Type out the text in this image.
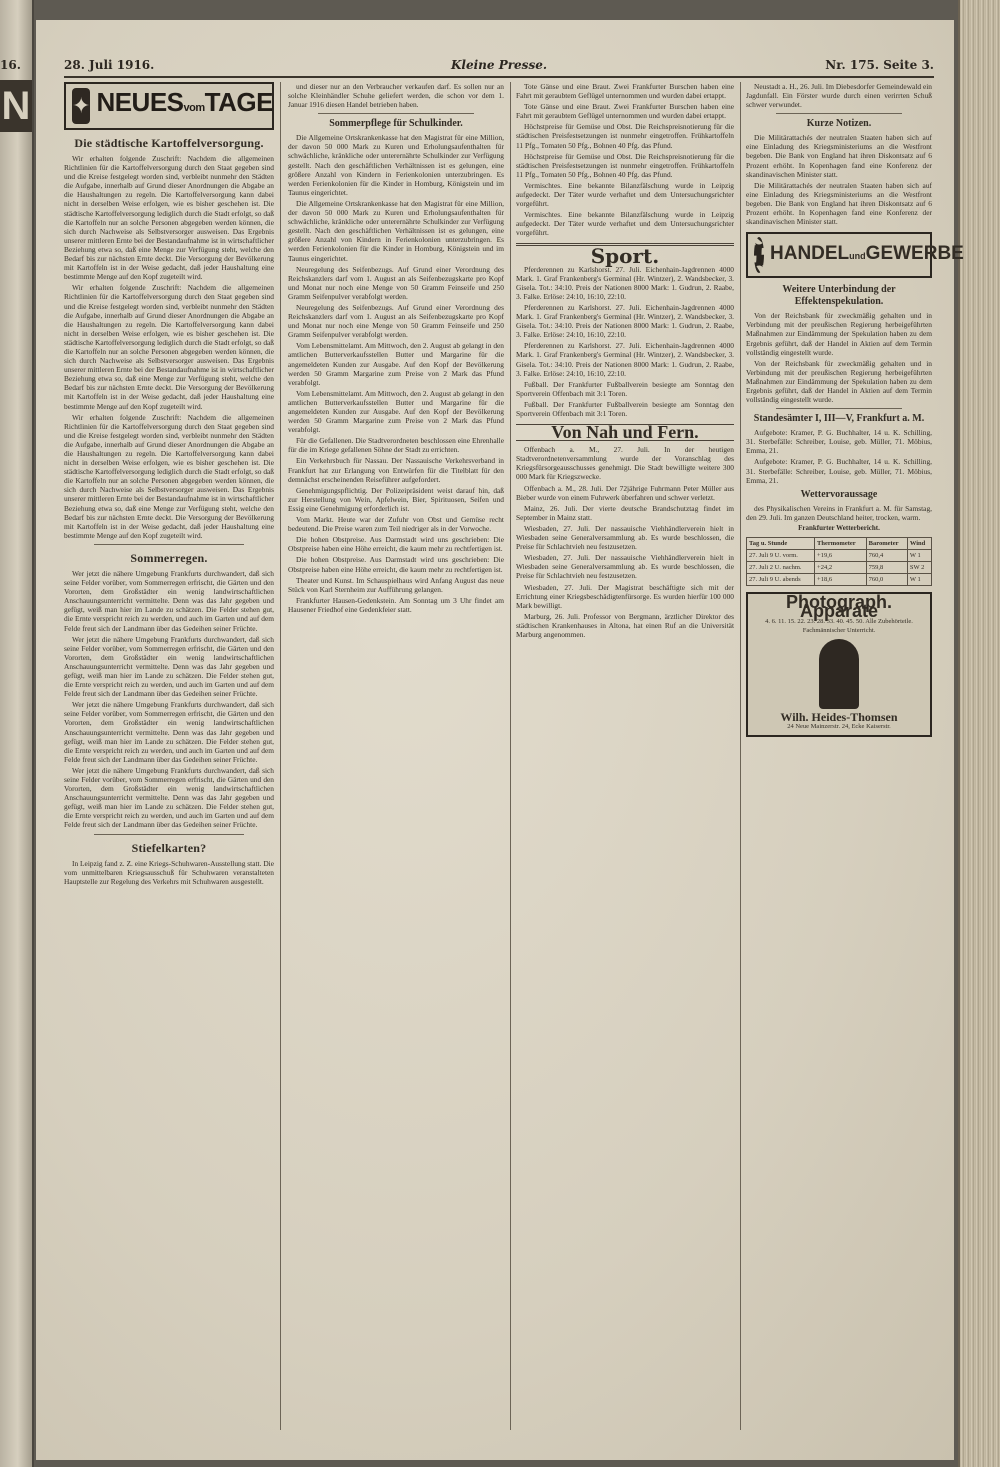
16.
N
28. Juli 1916.	Kleine Presse.	Nr. 175. Seite 3.
✦ NEUESvomTAGE
Die städtische Kartoffelversorgung.

Wir erhalten folgende Zuschrift: Nachdem die allgemeinen Richtlinien für die Kartoffelversorgung durch den Staat gegeben sind und die Kreise festgelegt worden sind, verbleibt nunmehr den Städten die Aufgabe, innerhalb auf Grund dieser Anordnungen die Abgabe an die Haushaltungen zu regeln. Die Kartoffelversorgung kann dabei nicht in derselben Weise erfolgen, wie es bisher geschehen ist. Die städtische Kartoffelversorgung lediglich durch die Stadt erfolgt, so daß die Kartoffeln nur an solche Personen abgegeben werden können, die sich durch Nachweise als Selbstversorger ausweisen. Das Ergebnis unserer mittleren Ernte bei der Bestandaufnahme ist in wirtschaftlicher Beziehung etwa so, daß eine Menge zur Verfügung steht, welche den Bedarf bis zur nächsten Ernte deckt. Die Versorgung der Bevölkerung mit Kartoffeln ist in der Weise gedacht, daß jeder Haushaltung eine bestimmte Menge auf den Kopf zugeteilt wird.

Wir erhalten folgende Zuschrift: Nachdem die allgemeinen Richtlinien für die Kartoffelversorgung durch den Staat gegeben sind und die Kreise festgelegt worden sind, verbleibt nunmehr den Städten die Aufgabe, innerhalb auf Grund dieser Anordnungen die Abgabe an die Haushaltungen zu regeln. Die Kartoffelversorgung kann dabei nicht in derselben Weise erfolgen, wie es bisher geschehen ist. Die städtische Kartoffelversorgung lediglich durch die Stadt erfolgt, so daß die Kartoffeln nur an solche Personen abgegeben werden können, die sich durch Nachweise als Selbstversorger ausweisen. Das Ergebnis unserer mittleren Ernte bei der Bestandaufnahme ist in wirtschaftlicher Beziehung etwa so, daß eine Menge zur Verfügung steht, welche den Bedarf bis zur nächsten Ernte deckt. Die Versorgung der Bevölkerung mit Kartoffeln ist in der Weise gedacht, daß jeder Haushaltung eine bestimmte Menge auf den Kopf zugeteilt wird.

Wir erhalten folgende Zuschrift: Nachdem die allgemeinen Richtlinien für die Kartoffelversorgung durch den Staat gegeben sind und die Kreise festgelegt worden sind, verbleibt nunmehr den Städten die Aufgabe, innerhalb auf Grund dieser Anordnungen die Abgabe an die Haushaltungen zu regeln. Die Kartoffelversorgung kann dabei nicht in derselben Weise erfolgen, wie es bisher geschehen ist. Die städtische Kartoffelversorgung lediglich durch die Stadt erfolgt, so daß die Kartoffeln nur an solche Personen abgegeben werden können, die sich durch Nachweise als Selbstversorger ausweisen. Das Ergebnis unserer mittleren Ernte bei der Bestandaufnahme ist in wirtschaftlicher Beziehung etwa so, daß eine Menge zur Verfügung steht, welche den Bedarf bis zur nächsten Ernte deckt. Die Versorgung der Bevölkerung mit Kartoffeln ist in der Weise gedacht, daß jeder Haushaltung eine bestimmte Menge auf den Kopf zugeteilt wird.

Sommerregen.

Wer jetzt die nähere Umgebung Frankfurts durchwandert, daß sich seine Felder vorüber, vom Sommerregen erfrischt, die Gärten und den Vororten, dem Großstädter ein wenig landwirtschaftlichen Anschauungsunterricht vermittelte. Denn was das Jahr gegeben und gefügt, weiß man hier im Lande zu schätzen. Die Felder stehen gut, die Ernte verspricht reich zu werden, und auch im Garten und auf dem Felde freut sich der Landmann über das Gedeihen seiner Früchte.

Wer jetzt die nähere Umgebung Frankfurts durchwandert, daß sich seine Felder vorüber, vom Sommerregen erfrischt, die Gärten und den Vororten, dem Großstädter ein wenig landwirtschaftlichen Anschauungsunterricht vermittelte. Denn was das Jahr gegeben und gefügt, weiß man hier im Lande zu schätzen. Die Felder stehen gut, die Ernte verspricht reich zu werden, und auch im Garten und auf dem Felde freut sich der Landmann über das Gedeihen seiner Früchte.

Wer jetzt die nähere Umgebung Frankfurts durchwandert, daß sich seine Felder vorüber, vom Sommerregen erfrischt, die Gärten und den Vororten, dem Großstädter ein wenig landwirtschaftlichen Anschauungsunterricht vermittelte. Denn was das Jahr gegeben und gefügt, weiß man hier im Lande zu schätzen. Die Felder stehen gut, die Ernte verspricht reich zu werden, und auch im Garten und auf dem Felde freut sich der Landmann über das Gedeihen seiner Früchte.

Wer jetzt die nähere Umgebung Frankfurts durchwandert, daß sich seine Felder vorüber, vom Sommerregen erfrischt, die Gärten und den Vororten, dem Großstädter ein wenig landwirtschaftlichen Anschauungsunterricht vermittelte. Denn was das Jahr gegeben und gefügt, weiß man hier im Lande zu schätzen. Die Felder stehen gut, die Ernte verspricht reich zu werden, und auch im Garten und auf dem Felde freut sich der Landmann über das Gedeihen seiner Früchte.

Stiefelkarten?

In Leipzig fand z. Z. eine Kriegs-Schuhwaren-Ausstellung statt. Die vom unmittelbaren Kriegsausschuß für Schuhwaren veranstalteten Hauptstelle zur Regelung des Verkehrs mit Schuhwaren ausgestellt.

und dieser nur an den Verbraucher verkaufen darf. Es sollen nur an solche Kleinhändler Schuhe geliefert werden, die schon vor dem 1. Januar 1916 diesen Handel betrieben haben.

Sommerpflege für Schulkinder.

Die Allgemeine Ortskrankenkasse hat den Magistrat für eine Million, der davon 50 000 Mark zu Kuren und Erholungsaufenthalten für schwächliche, kränkliche oder unterernährte Schulkinder zur Verfügung gestellt. Nach den geschäftlichen Verhältnissen ist es gelungen, eine größere Anzahl von Kindern in Ferienkolonien unterzubringen. Es werden Ferienkolonien für die Kinder in Homburg, Königstein und im Taunus eingerichtet.

Die Allgemeine Ortskrankenkasse hat den Magistrat für eine Million, der davon 50 000 Mark zu Kuren und Erholungsaufenthalten für schwächliche, kränkliche oder unterernährte Schulkinder zur Verfügung gestellt. Nach den geschäftlichen Verhältnissen ist es gelungen, eine größere Anzahl von Kindern in Ferienkolonien unterzubringen. Es werden Ferienkolonien für die Kinder in Homburg, Königstein und im Taunus eingerichtet.

Neuregelung des Seifenbezugs. Auf Grund einer Verordnung des Reichskanzlers darf vom 1. August an als Seifenbezugskarte pro Kopf und Monat nur noch eine Menge von 50 Gramm Feinseife und 250 Gramm Seifenpulver verabfolgt werden.

Neuregelung des Seifenbezugs. Auf Grund einer Verordnung des Reichskanzlers darf vom 1. August an als Seifenbezugskarte pro Kopf und Monat nur noch eine Menge von 50 Gramm Feinseife und 250 Gramm Seifenpulver verabfolgt werden.

Vom Lebensmittelamt. Am Mittwoch, den 2. August ab gelangt in den amtlichen Butterverkaufsstellen Butter und Margarine für die angemeldeten Kunden zur Ausgabe. Auf den Kopf der Bevölkerung werden 50 Gramm Margarine zum Preise von 2 Mark das Pfund verabfolgt.

Vom Lebensmittelamt. Am Mittwoch, den 2. August ab gelangt in den amtlichen Butterverkaufsstellen Butter und Margarine für die angemeldeten Kunden zur Ausgabe. Auf den Kopf der Bevölkerung werden 50 Gramm Margarine zum Preise von 2 Mark das Pfund verabfolgt.

Für die Gefallenen. Die Stadtverordneten beschlossen eine Ehrenhalle für die im Kriege gefallenen Söhne der Stadt zu errichten.

Ein Verkehrsbuch für Nassau. Der Nassauische Verkehrsverband in Frankfurt hat zur Erlangung von Entwürfen für die Titelblatt für den demnächst erscheinenden Reiseführer aufgefordert.

Genehmigungspflichtig. Der Polizeipräsident weist darauf hin, daß zur Herstellung von Wein, Apfelwein, Bier, Spirituosen, Seifen und Essig eine Genehmigung erforderlich ist.

Vom Markt. Heute war der Zufuhr von Obst und Gemüse recht bedeutend. Die Preise waren zum Teil niedriger als in der Vorwoche.

Die hohen Obstpreise. Aus Darmstadt wird uns geschrieben: Die Obstpreise haben eine Höhe erreicht, die kaum mehr zu rechtfertigen ist.

Die hohen Obstpreise. Aus Darmstadt wird uns geschrieben: Die Obstpreise haben eine Höhe erreicht, die kaum mehr zu rechtfertigen ist.

Theater und Kunst. Im Schauspielhaus wird Anfang August das neue Stück von Karl Sternheim zur Aufführung gelangen.

Frankfurter Hausen-Gedenkstein. Am Sonntag um 3 Uhr findet am Hausener Friedhof eine Gedenkfeier statt.

Tote Gänse und eine Braut. Zwei Frankfurter Burschen haben eine Fahrt mit geraubtem Geflügel unternommen und wurden dabei ertappt.

Tote Gänse und eine Braut. Zwei Frankfurter Burschen haben eine Fahrt mit geraubtem Geflügel unternommen und wurden dabei ertappt.

Höchstpreise für Gemüse und Obst. Die Reichspreisnotierung für die städtischen Preisfestsetzungen ist nunmehr eingetroffen. Frühkartoffeln 11 Pfg., Tomaten 50 Pfg., Bohnen 40 Pfg. das Pfund.

Höchstpreise für Gemüse und Obst. Die Reichspreisnotierung für die städtischen Preisfestsetzungen ist nunmehr eingetroffen. Frühkartoffeln 11 Pfg., Tomaten 50 Pfg., Bohnen 40 Pfg. das Pfund.

Vermischtes. Eine bekannte Bilanzfälschung wurde in Leipzig aufgedeckt. Der Täter wurde verhaftet und dem Untersuchungsrichter vorgeführt.

Vermischtes. Eine bekannte Bilanzfälschung wurde in Leipzig aufgedeckt. Der Täter wurde verhaftet und dem Untersuchungsrichter vorgeführt.

Sport.

Pferderennen zu Karlshorst. 27. Juli. Eichenhain-Jagdrennen 4000 Mark. 1. Graf Frankenberg's Germinal (Hr. Wintzer), 2. Wandsbecker, 3. Gisela. Tot.: 34:10. Preis der Nationen 8000 Mark: 1. Gudrun, 2. Raabe, 3. Falke. Erlöse: 24:10, 16:10, 22:10.

Pferderennen zu Karlshorst. 27. Juli. Eichenhain-Jagdrennen 4000 Mark. 1. Graf Frankenberg's Germinal (Hr. Wintzer), 2. Wandsbecker, 3. Gisela. Tot.: 34:10. Preis der Nationen 8000 Mark: 1. Gudrun, 2. Raabe, 3. Falke. Erlöse: 24:10, 16:10, 22:10.

Pferderennen zu Karlshorst. 27. Juli. Eichenhain-Jagdrennen 4000 Mark. 1. Graf Frankenberg's Germinal (Hr. Wintzer), 2. Wandsbecker, 3. Gisela. Tot.: 34:10. Preis der Nationen 8000 Mark: 1. Gudrun, 2. Raabe, 3. Falke. Erlöse: 24:10, 16:10, 22:10.

Fußball. Der Frankfurter Fußballverein besiegte am Sonntag den Sportverein Offenbach mit 3:1 Toren.

Fußball. Der Frankfurter Fußballverein besiegte am Sonntag den Sportverein Offenbach mit 3:1 Toren.

Von Nah und Fern.

Offenbach a. M., 27. Juli. In der heutigen Stadtverordnetenversammlung wurde der Voranschlag des Kriegsfürsorgeausschusses genehmigt. Die Stadt bewilligte weitere 300 000 Mark für Kriegszwecke.

Offenbach a. M., 28. Juli. Der 72jährige Fuhrmann Peter Müller aus Bieber wurde von einem Fuhrwerk überfahren und schwer verletzt.

Mainz, 26. Juli. Der vierte deutsche Brandschutztag findet im September in Mainz statt.

Wiesbaden, 27. Juli. Der nassauische Viehhändlerverein hielt in Wiesbaden seine Generalversammlung ab. Es wurde beschlossen, die Preise für Schlachtvieh neu festzusetzen.

Wiesbaden, 27. Juli. Der nassauische Viehhändlerverein hielt in Wiesbaden seine Generalversammlung ab. Es wurde beschlossen, die Preise für Schlachtvieh neu festzusetzen.

Wiesbaden, 27. Juli. Der Magistrat beschäftigte sich mit der Errichtung einer Kriegsbeschädigtenfürsorge. Es wurden hierfür 100 000 Mark bewilligt.

Marburg, 26. Juli. Professor von Bergmann, ärztlicher Direktor des städtischen Krankenhauses in Altona, hat einen Ruf an die Universität Marburg angenommen.

Neustadt a. H., 26. Juli. Im Diebesdorfer Gemeindewald ein Jagdunfall. Ein Förster wurde durch einen verirrten Schuß schwer verwundet.

Kurze Notizen.

Die Militärattachés der neutralen Staaten haben sich auf eine Einladung des Kriegsministeriums an die Westfront begeben. Die Bank von England hat ihren Diskontsatz auf 6 Prozent erhöht. In Kopenhagen fand eine Konferenz der skandinavischen Minister statt.

Die Militärattachés der neutralen Staaten haben sich auf eine Einladung des Kriegsministeriums an die Westfront begeben. Die Bank von England hat ihren Diskontsatz auf 6 Prozent erhöht. In Kopenhagen fand eine Konferenz der skandinavischen Minister statt.

HANDELundGEWERBE
Weitere Unterbindung der Effektenspekulation.

Von der Reichsbank für zweckmäßig gehalten und in Verbindung mit der preußischen Regierung herbeigeführten Maßnahmen zur Eindämmung der Spekulation haben zu dem Ergebnis geführt, daß der Handel in Aktien auf dem Termin vollständig eingestellt wurde.

Von der Reichsbank für zweckmäßig gehalten und in Verbindung mit der preußischen Regierung herbeigeführten Maßnahmen zur Eindämmung der Spekulation haben zu dem Ergebnis geführt, daß der Handel in Aktien auf dem Termin vollständig eingestellt wurde.

Standesämter I, III—V, Frankfurt a. M.

Aufgebote: Kramer, P. G. Buchhalter, 14 u. K. Schilling, 31. Sterbefälle: Schreiber, Louise, geb. Müller, 71. Möbius, Emma, 21.

Aufgebote: Kramer, P. G. Buchhalter, 14 u. K. Schilling, 31. Sterbefälle: Schreiber, Louise, geb. Müller, 71. Möbius, Emma, 21.

Wettervoraussage

des Physikalischen Vereins in Frankfurt a. M. für Samstag, den 29. Juli. Im ganzen Deutschland heiter, trocken, warm.

Frankfurter Wetterbericht.
Tag u. Stunde	Thermometer	Barometer	Wind
27. Juli 9 U. vorm.	+19,6	760,4	W 1
27. Juli 2 U. nachm.	+24,2	759,8	SW 2
27. Juli 9 U. abends	+18,6	760,0	W 1
Photograph. Apparate
4. 6. 11. 15. 22. 23. 28. 33. 40. 45. 50. Alle Zubehörteile. Fachmännischer Unterricht.
Wilh. Heides-Thomsen
24 Neue Mainzerstr. 24, Ecke Kaiserstr.
